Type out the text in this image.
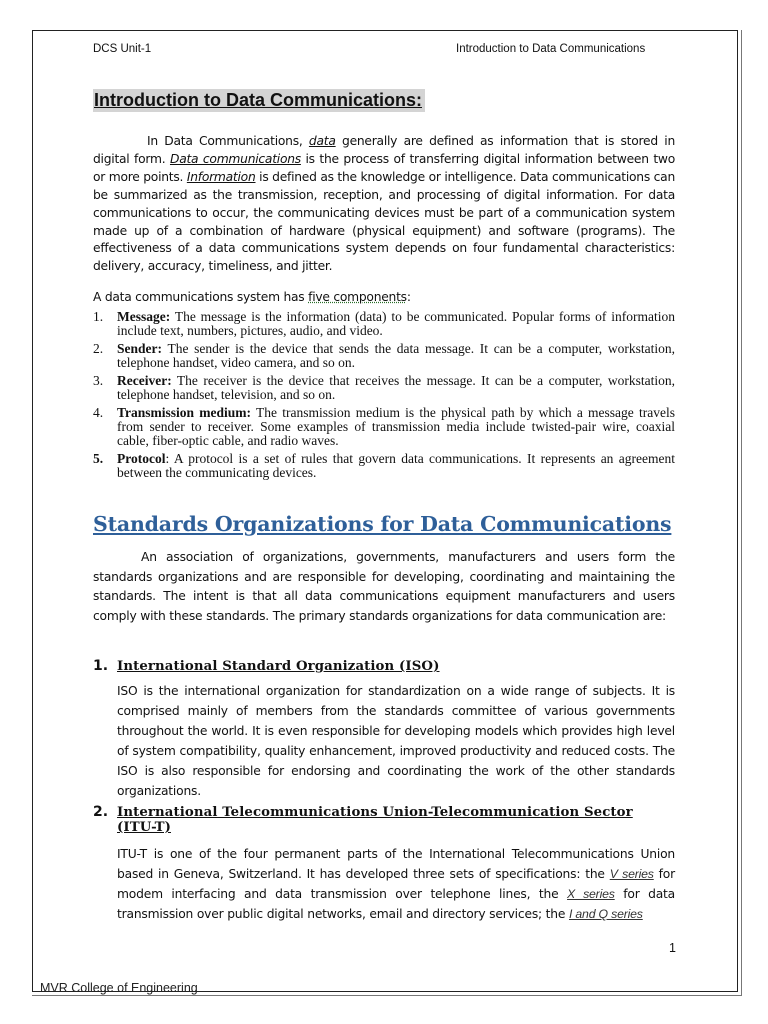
DCS Unit-1	Introduction to Data Communications
Introduction to Data Communications:
In Data Communications, data generally are defined as information that is stored in digital form. Data communications is the process of transferring digital information between two or more points. Information is defined as the knowledge or intelligence. Data communications can be summarized as the transmission, reception, and processing of digital information. For data communications to occur, the communicating devices must be part of a communication system made up of a combination of hardware (physical equipment) and software (programs). The effectiveness of a data communications system depends on four fundamental characteristics: delivery, accuracy, timeliness, and jitter.
A data communications system has five components:
1. Message: The message is the information (data) to be communicated. Popular forms of information include text, numbers, pictures, audio, and video.
2. Sender: The sender is the device that sends the data message. It can be a computer, workstation, telephone handset, video camera, and so on.
3. Receiver: The receiver is the device that receives the message. It can be a computer, workstation, telephone handset, television, and so on.
4. Transmission medium: The transmission medium is the physical path by which a message travels from sender to receiver. Some examples of transmission media include twisted-pair wire, coaxial cable, fiber-optic cable, and radio waves.
5. Protocol: A protocol is a set of rules that govern data communications. It represents an agreement between the communicating devices.
Standards Organizations for Data Communications
An association of organizations, governments, manufacturers and users form the standards organizations and are responsible for developing, coordinating and maintaining the standards. The intent is that all data communications equipment manufacturers and users comply with these standards. The primary standards organizations for data communication are:
1. International Standard Organization (ISO)
ISO is the international organization for standardization on a wide range of subjects. It is comprised mainly of members from the standards committee of various governments throughout the world. It is even responsible for developing models which provides high level of system compatibility, quality enhancement, improved productivity and reduced costs. The ISO is also responsible for endorsing and coordinating the work of the other standards organizations.
2. International Telecommunications Union-Telecommunication Sector
(ITU-T)
ITU-T is one of the four permanent parts of the International Telecommunications Union based in Geneva, Switzerland. It has developed three sets of specifications: the V series for modem interfacing and data transmission over telephone lines, the X series for data transmission over public digital networks, email and directory services; the I and Q series
1
MVR College of Engineering
